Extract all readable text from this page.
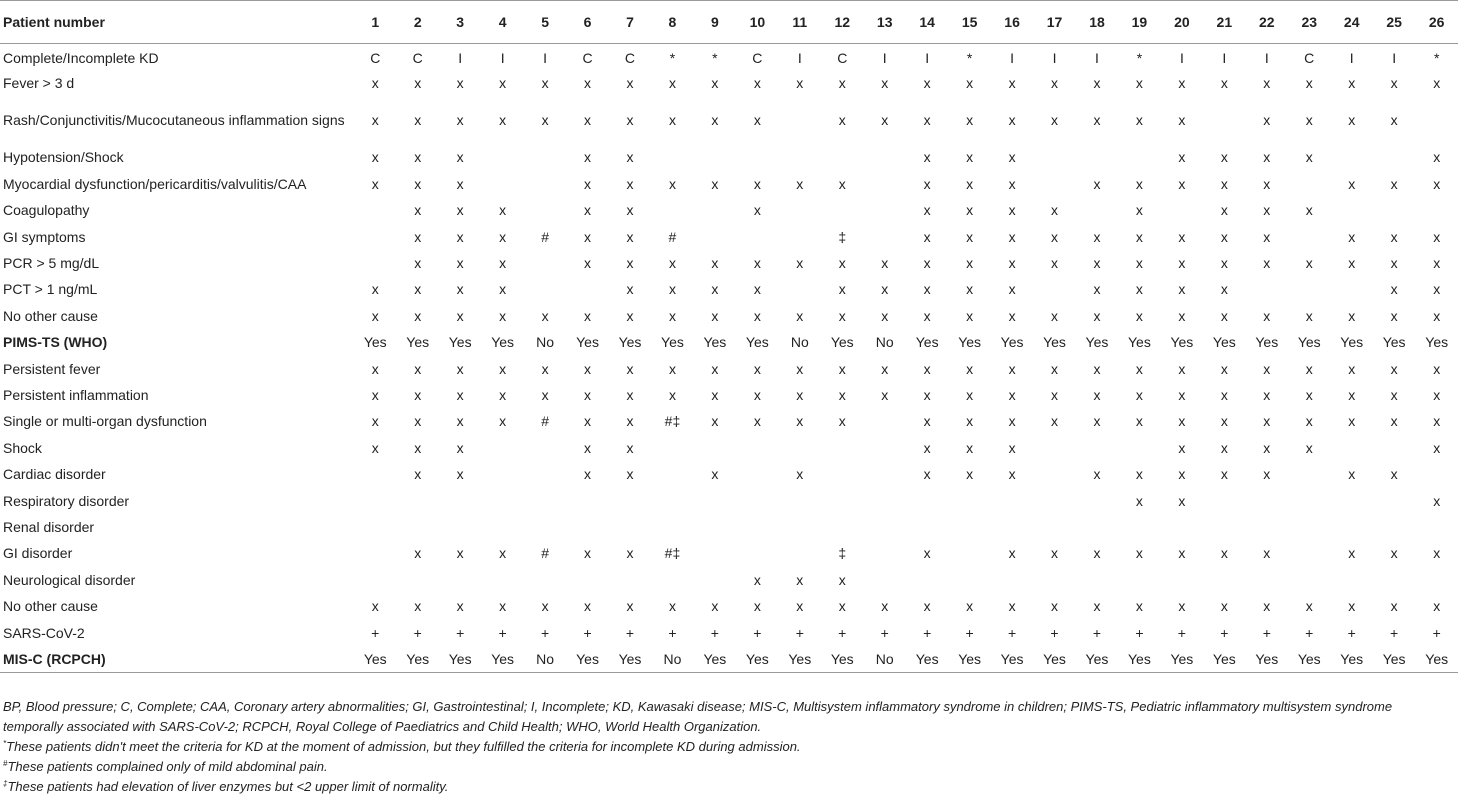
Patient number	1	2	3	4	5	6	7	8	9	10	11	12	13	14	15	16	17	18	19	20	21	22	23	24	25	26
Complete/Incomplete KD	C	C	I	I	I	C	C	*	*	C	I	C	I	I	*	I	I	I	*	I	I	I	C	I	I	*
Fever > 3 d	x	x	x	x	x	x	x	x	x	x	x	x	x	x	x	x	x	x	x	x	x	x	x	x	x	x
Rash/Conjunctivitis/Mucocutaneous inflammation signs	x	x	x	x	x	x	x	x	x	x		x	x	x	x	x	x	x	x	x		x	x	x	x	
Hypotension/Shock	x	x	x			x	x							x	x	x				x	x	x	x			x
Myocardial dysfunction/pericarditis/valvulitis/CAA	x	x	x			x	x	x	x	x	x	x		x	x	x		x	x	x	x	x		x	x	x
Coagulopathy		x	x	x		x	x			x				x	x	x	x		x		x	x	x			
GI symptoms		x	x	x	#	x	x	#				‡		x	x	x	x	x	x	x	x	x		x	x	x
PCR > 5 mg/dL		x	x	x		x	x	x	x	x	x	x	x	x	x	x	x	x	x	x	x	x	x	x	x	x
PCT > 1 ng/mL	x	x	x	x			x	x	x	x		x	x	x	x	x		x	x	x	x				x	x
No other cause	x	x	x	x	x	x	x	x	x	x	x	x	x	x	x	x	x	x	x	x	x	x	x	x	x	x
PIMS-TS (WHO)	Yes	Yes	Yes	Yes	No	Yes	Yes	Yes	Yes	Yes	No	Yes	No	Yes	Yes	Yes	Yes	Yes	Yes	Yes	Yes	Yes	Yes	Yes	Yes	Yes
Persistent fever	x	x	x	x	x	x	x	x	x	x	x	x	x	x	x	x	x	x	x	x	x	x	x	x	x	x
Persistent inflammation	x	x	x	x	x	x	x	x	x	x	x	x	x	x	x	x	x	x	x	x	x	x	x	x	x	x
Single or multi-organ dysfunction	x	x	x	x	#	x	x	#‡	x	x	x	x		x	x	x	x	x	x	x	x	x	x	x	x	x
Shock	x	x	x			x	x							x	x	x				x	x	x	x			x
Cardiac disorder		x	x			x	x		x		x			x	x	x		x	x	x	x	x		x	x	
Respiratory disorder																			x	x						x
Renal disorder																										
GI disorder		x	x	x	#	x	x	#‡				‡		x		x	x	x	x	x	x	x		x	x	x
Neurological disorder										x	x	x														
No other cause	x	x	x	x	x	x	x	x	x	x	x	x	x	x	x	x	x	x	x	x	x	x	x	x	x	x
SARS-CoV-2	+	+	+	+	+	+	+	+	+	+	+	+	+	+	+	+	+	+	+	+	+	+	+	+	+	+
MIS-C (RCPCH)	Yes	Yes	Yes	Yes	No	Yes	Yes	No	Yes	Yes	Yes	Yes	No	Yes	Yes	Yes	Yes	Yes	Yes	Yes	Yes	Yes	Yes	Yes	Yes	Yes

BP, Blood pressure; C, Complete; CAA, Coronary artery abnormalities; GI, Gastrointestinal; I, Incomplete; KD, Kawasaki disease; MIS-C, Multisystem inflammatory syndrome in children; PIMS-TS, Pediatric inflammatory multisystem syndrome temporally associated with SARS-CoV-2; RCPCH, Royal College of Paediatrics and Child Health; WHO, World Health Organization.

*These patients didn't meet the criteria for KD at the moment of admission, but they fulfilled the criteria for incomplete KD during admission.

#These patients complained only of mild abdominal pain.

‡These patients had elevation of liver enzymes but <2 upper limit of normality.
